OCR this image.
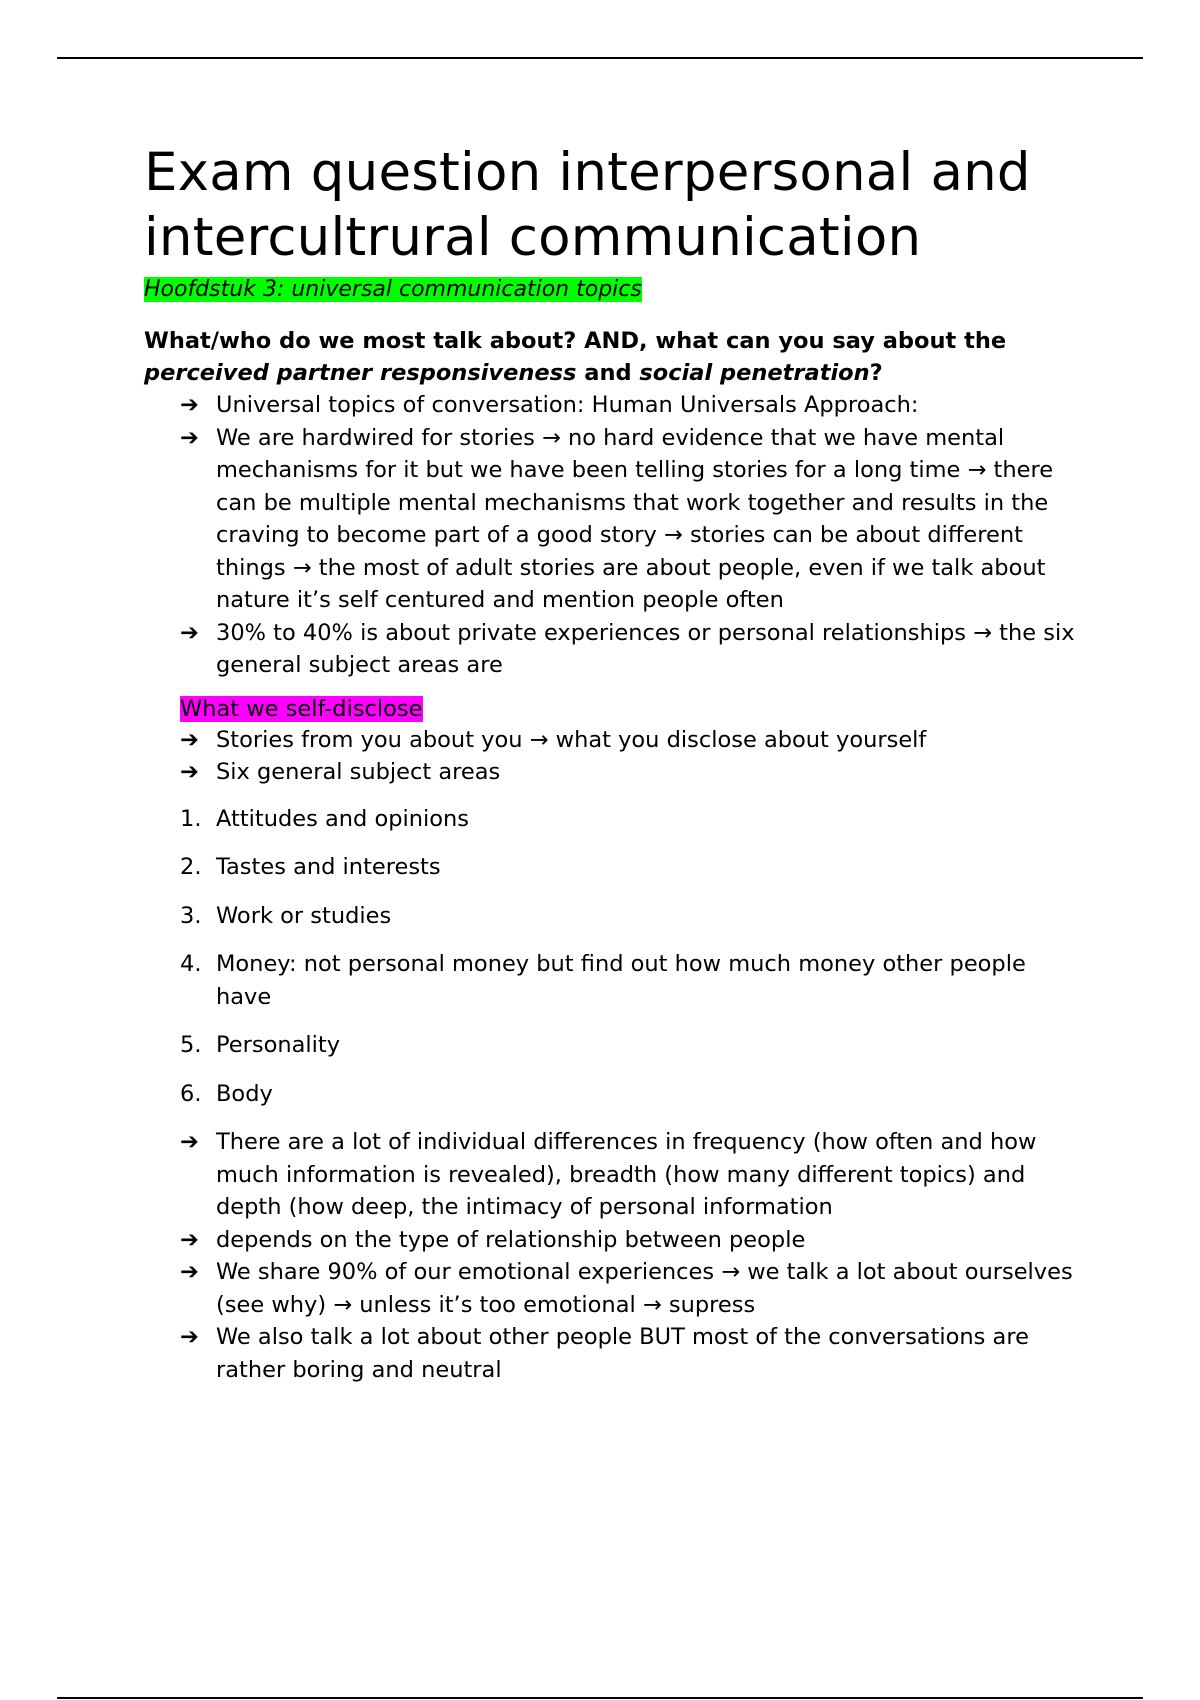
Exam question interpersonal and intercultrural communication

Hoofdstuk 3: universal communication topics

What/who do we most talk about? AND, what can you say about the perceived partner responsiveness and social penetration?

➔ Universal topics of conversation: Human Universals Approach:
➔ We are hardwired for stories → no hard evidence that we have mental mechanisms for it but we have been telling stories for a long time → there can be multiple mental mechanisms that work together and results in the craving to become part of a good story → stories can be about different things → the most of adult stories are about people, even if we talk about nature it’s self centured and mention people often
➔ 30% to 40% is about private experiences or personal relationships → the six general subject areas are

What we self-disclose

➔ Stories from you about you → what you disclose about yourself
➔ Six general subject areas
1. Attitudes and opinions
2. Tastes and interests
3. Work or studies
4. Money: not personal money but find out how much money other people have
5. Personality
6. Body
➔ There are a lot of individual differences in frequency (how often and how much information is revealed), breadth (how many different topics) and depth (how deep, the intimacy of personal information
➔ depends on the type of relationship between people
➔ We share 90% of our emotional experiences → we talk a lot about ourselves (see why) → unless it’s too emotional → supress
➔ We also talk a lot about other people BUT most of the conversations are rather boring and neutral
